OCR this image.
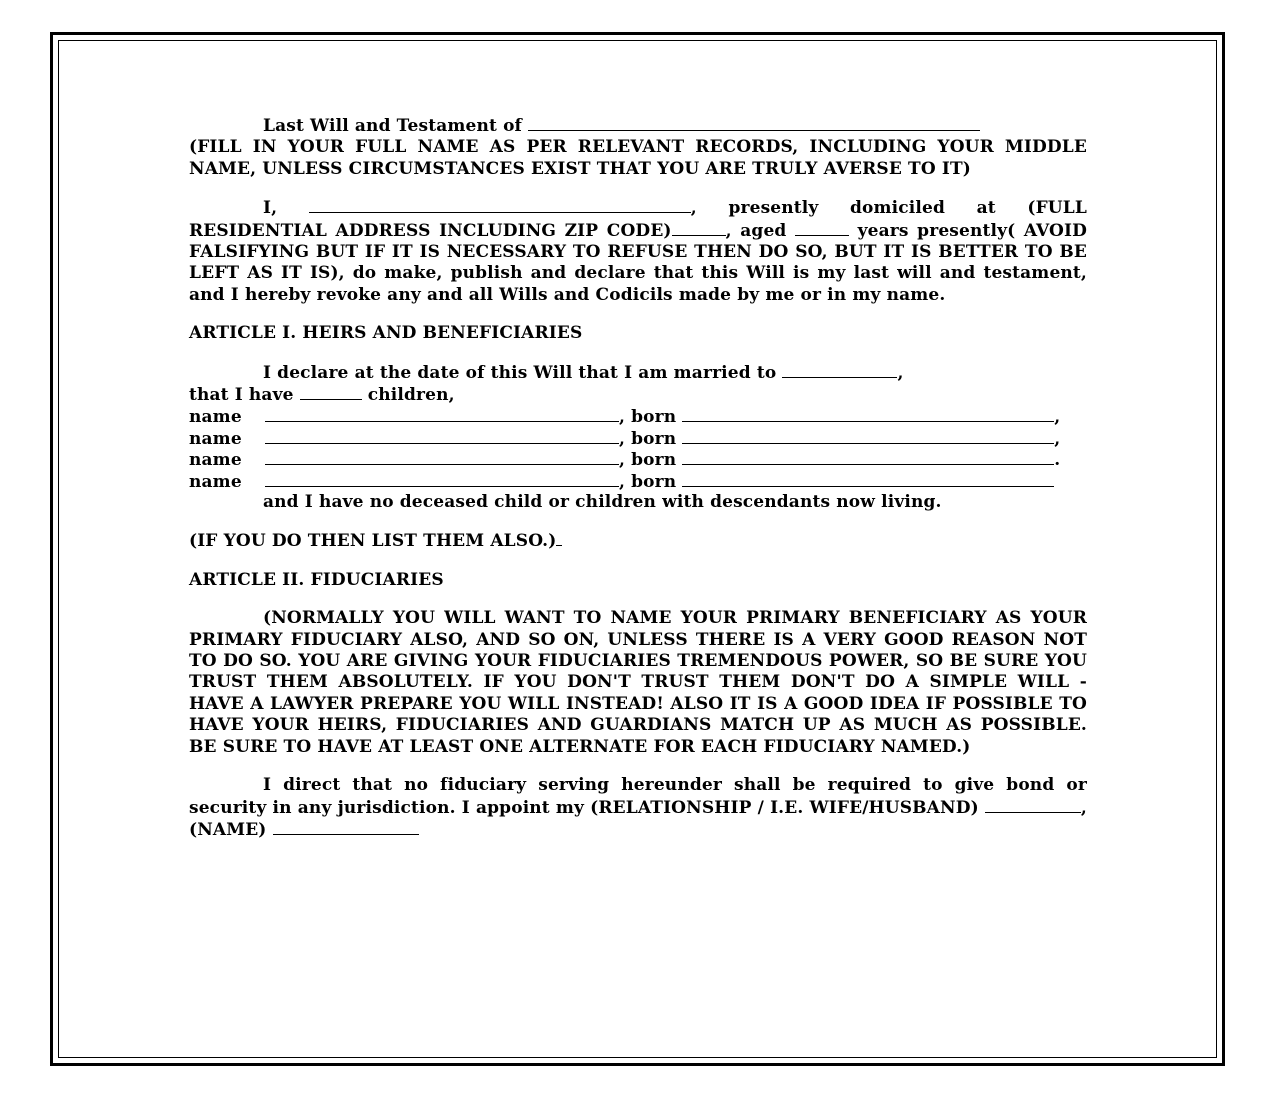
Last Will and Testament of

(FILL IN YOUR FULL NAME AS PER RELEVANT RECORDS, INCLUDING YOUR MIDDLE NAME, UNLESS CIRCUMSTANCES EXIST THAT YOU ARE TRULY AVERSE TO IT)

I,	, presently domiciled at (FULL RESIDENTIAL ADDRESS INCLUDING ZIP CODE)	, aged	years presently( AVOID FALSIFYING BUT IF IT IS NECESSARY TO REFUSE THEN DO SO, BUT IT IS BETTER TO BE LEFT AS IT IS), do make, publish and declare that this Will is my last will and testament, and I hereby revoke any and all Wills and Codicils made by me or in my name.

ARTICLE I. HEIRS AND BENEFICIARIES

I declare at the date of this Will that I am married to	,

that I have	children,

name	, born	,
name	, born	,
name	, born	.
name	, born

and I have no deceased child or children with descendants now living.

(IF YOU DO THEN LIST THEM ALSO.)

ARTICLE II. FIDUCIARIES

(NORMALLY YOU WILL WANT TO NAME YOUR PRIMARY BENEFICIARY AS YOUR PRIMARY FIDUCIARY ALSO, AND SO ON, UNLESS THERE IS A VERY GOOD REASON NOT TO DO SO. YOU ARE GIVING YOUR FIDUCIARIES TREMENDOUS POWER, SO BE SURE YOU TRUST THEM ABSOLUTELY. IF YOU DON'T TRUST THEM DON'T DO A SIMPLE WILL - HAVE A LAWYER PREPARE YOU WILL INSTEAD! ALSO IT IS A GOOD IDEA IF POSSIBLE TO HAVE YOUR HEIRS, FIDUCIARIES AND GUARDIANS MATCH UP AS MUCH AS POSSIBLE. BE SURE TO HAVE AT LEAST ONE ALTERNATE FOR EACH FIDUCIARY NAMED.)

I direct that no fiduciary serving hereunder shall be required to give bond or security in any jurisdiction. I appoint my (RELATIONSHIP / I.E. WIFE/HUSBAND)	, (NAME)
